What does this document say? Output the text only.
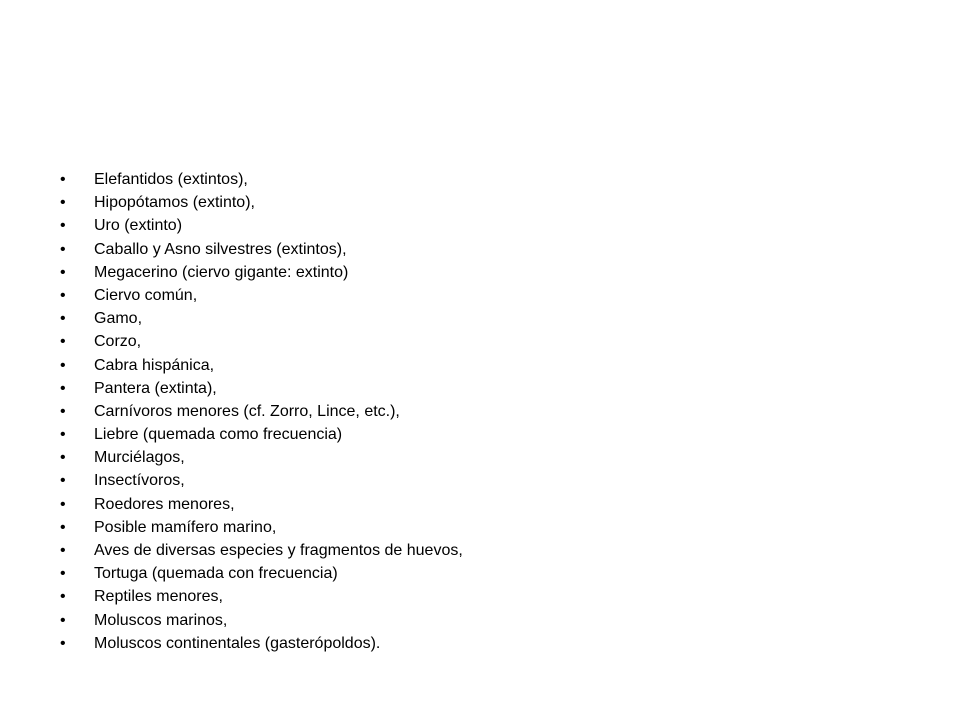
• Elefantidos (extintos),
• Hipopótamos (extinto),
• Uro (extinto)
• Caballo y Asno silvestres (extintos),
• Megacerino (ciervo gigante: extinto)
• Ciervo común,
• Gamo,
• Corzo,
• Cabra hispánica,
• Pantera (extinta),
• Carnívoros menores (cf. Zorro, Lince, etc.),
• Liebre (quemada como frecuencia)
• Murciélagos,
• Insectívoros,
• Roedores menores,
• Posible mamífero marino,
• Aves de diversas especies y fragmentos de huevos,
• Tortuga (quemada con frecuencia)
• Reptiles menores,
• Moluscos marinos,
• Moluscos continentales (gasterópoldos).
